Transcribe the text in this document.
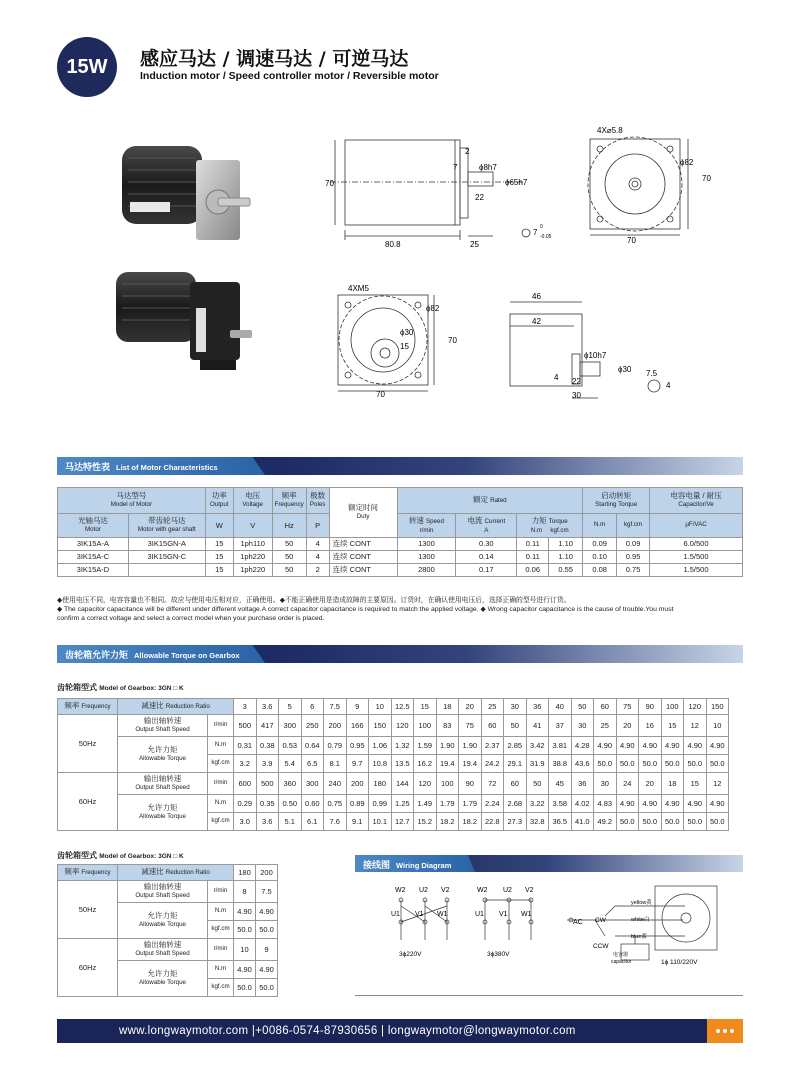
15W	感应马达 / 调速马达 / 可逆马达
Induction motor / Speed controller motor / Reversible motor
70
80.8	25
2
7	ϕ8h7
22
ϕ65h7
7
0
-0.05
4X⌀5.8
ϕ82
70
70
4XM5
ϕ82
ϕ30
15
70
70
46
42
ϕ10h7
ϕ30
4 22
30
7.5
4
马达特性表 List of Motor Characteristics
马达型号
Model of Motor		功率
Output	电压
Voltage	频率
Frequency	极数
Poles	额定时间
Duty	额定 Rated				启动转矩
Starting Torque		电容电量 / 耐压
Capacitor/Ve
光轴马达
Motor	带齿轮马达
Motor with gear shaft	W	V	Hz	P		转速 Speed
r/min	电流 Current
A	力矩 Torque
N.m kgf.cm		N.m	kgf.cm	μF/VAC
3IK15A-A	3IK15GN-A	15	1ph110	50	4	连续 CONT	1300	0.30	0.11	1.10	0.09	0.09	6.0/500
3IK15A-C	3IK15GN-C	15	1ph220	50	4	连续 CONT	1300	0.14	0.11	1.10	0.10	0.95	1.5/500
3IK15A-D		15	1ph220	50	2	连续 CONT	2800	0.17	0.06	0.55	0.08	0.75	1.5/500
◆使用电压不同，电容容量也不相同。故应与使用电压相对应，正确使用。◆不能正确使用是造成故障的主要原因。订货时，在确认使用电压后，选择正确的型号进行订货。
◆ The capacitor capacitance will be different under different voltage.A correct capacitor capacitance is required to match the applied voltage. ◆ Wrong capacitor capacitance is the cause of trouble.You must
confirm a correct voltage and select a correct model when your purchase order is placed.
齿轮箱允许力矩 Allowable Torque on Gearbox
齿轮箱型式 Model of Gearbox: 3GN □ K
频率 Frequency	减速比 Reduction Ratio		3	3.6	5	6	7.5	9	10	12.5	15	18	20	25	30	36	40	50	60	75	90	100	120	150
50Hz	输出轴转速
Output Shaft Speed	r/min	500	417	300	250	200	166	150	120	100	83	75	60	50	41	37	30	25	20	16	15	12	10
	允许力矩
Allowable Torque	N.m	0.31	0.38	0.53	0.64	0.79	0.95	1.06	1.32	1.59	1.90	1.90	2.37	2.85	3.42	3.81	4.28	4.90	4.90	4.90	4.90	4.90	4.90
		kgf.cm	3.2	3.9	5.4	6.5	8.1	9.7	10.8	13.5	16.2	19.4	19.4	24.2	29.1	31.9	38.8	43.6	50.0	50.0	50.0	50.0	50.0	50.0
60Hz	输出轴转速
Output Shaft Speed	r/min	600	500	360	300	240	200	180	144	120	100	90	72	60	50	45	36	30	24	20	18	15	12
	允许力矩
Allowable Torque	N.m	0.29	0.35	0.50	0.60	0.75	0.89	0.99	1.25	1.49	1.79	1.79	2.24	2.68	3.22	3.58	4.02	4.83	4.90	4.90	4.90	4.90	4.90
		kgf.cm	3.0	3.6	5.1	6.1	7.6	9.1	10.1	12.7	15.2	18.2	18.2	22.8	27.3	32.8	36.5	41.0	49.2	50.0	50.0	50.0	50.0	50.0
齿轮箱型式 Model of Gearbox: 3GN □ K
频率 Frequency	减速比 Reduction Ratio		180	200
50Hz	输出轴转速
Output Shaft Speed	r/min	8	7.5
	允许力矩
Allowable Torque	N.m	4.90	4.90
		kgf.cm	50.0	50.0
60Hz	输出轴转速
Output Shaft Speed	r/min	10	9
	允许力矩
Allowable Torque	N.m	4.90	4.90
		kgf.cm	50.0	50.0
接线图 Wiring Diagram
W2 U2 V2
U1 V1 W1
3ϕ220V
W2 U2 V2
U1 V1 W1
3ϕ380V
AC CW
CCW
yellow黄
white白
blue蓝
电容器
capacitor	1ϕ 110/220V
www.longwaymotor.com |+0086-0574-87930656 | longwaymotor@longwaymotor.com
